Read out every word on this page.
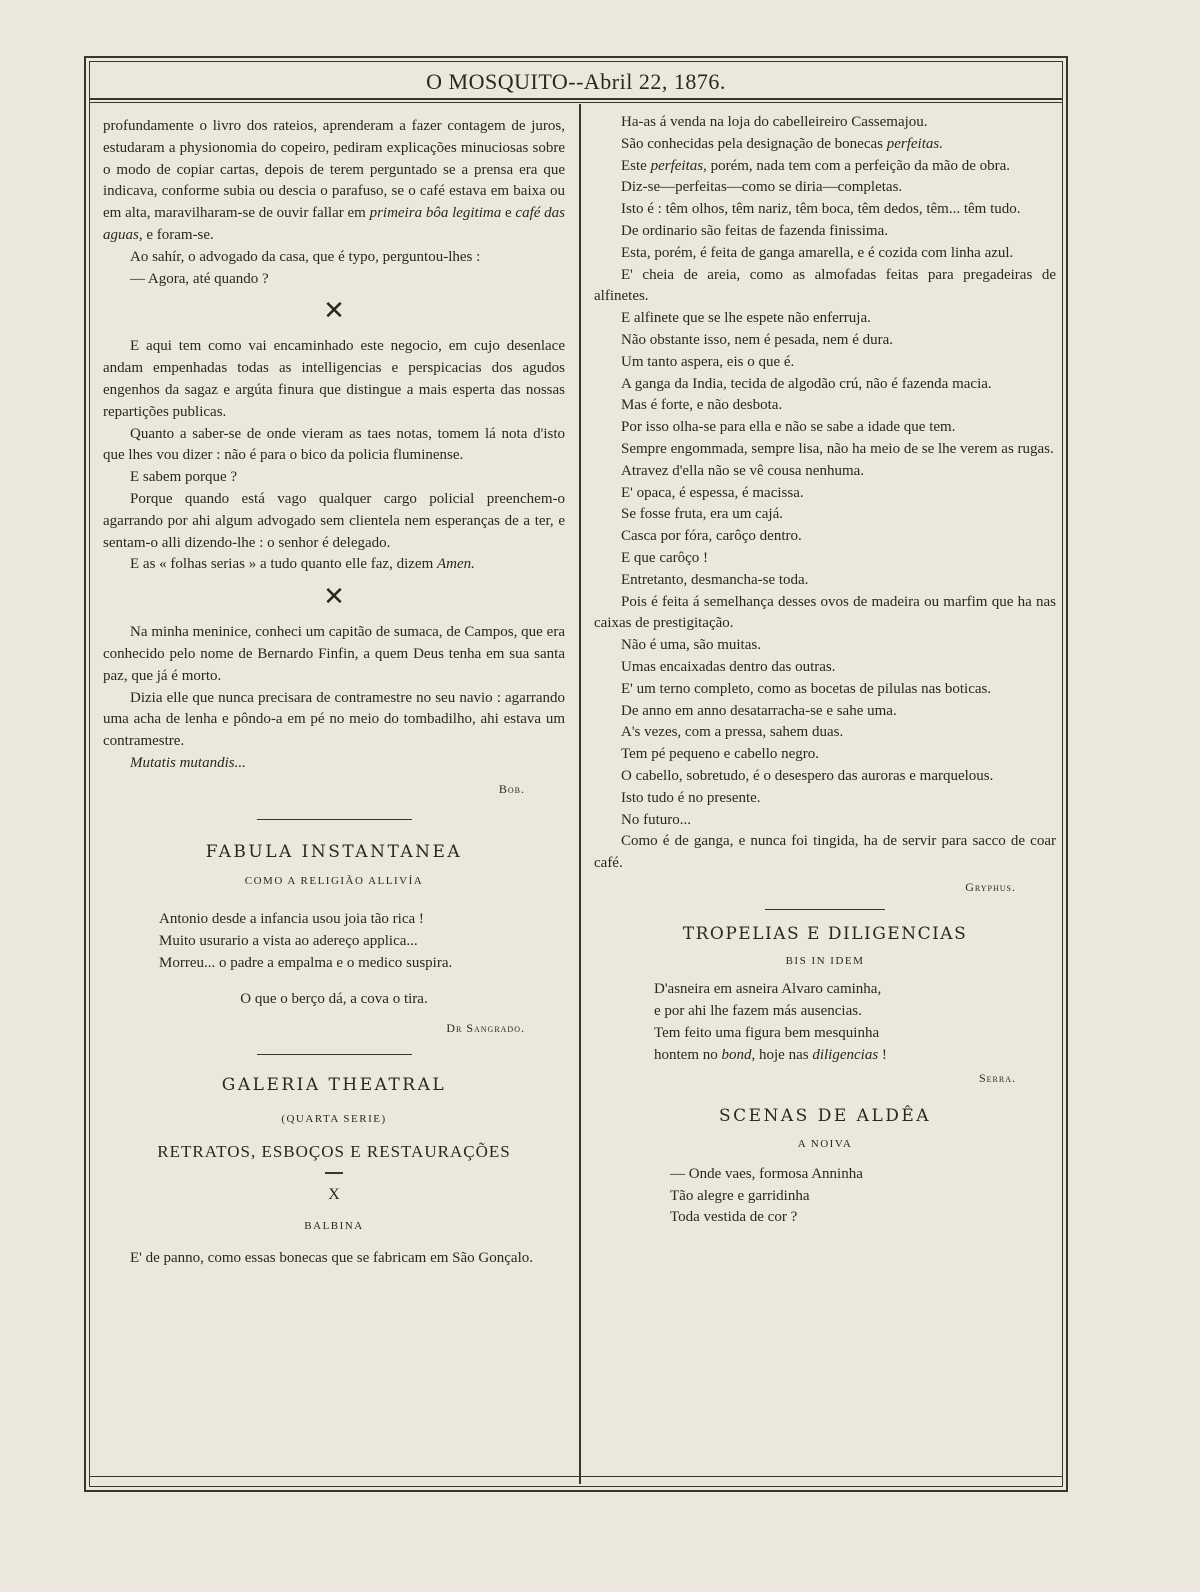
O MOSQUITO--Abril 22, 1876.

profundamente o livro dos rateios, aprenderam a fazer contagem de juros, estudaram a physionomia do copeiro, pediram explicações minuciosas sobre o modo de copiar cartas, depois de terem perguntado se a prensa era que indicava, conforme subia ou descia o parafuso, se o café estava em baixa ou em alta, maravilharam-se de ouvir fallar em primeira bôa legitima e café das aguas, e foram-se.

Ao sahír, o advogado da casa, que é typo, perguntou-lhes :

— Agora, até quando ?

✕

E aqui tem como vai encaminhado este negocio, em cujo desenlace andam empenhadas todas as intelligencias e perspicacias dos agudos engenhos da sagaz e argúta finura que distingue a mais esperta das nossas repartições publicas.

Quanto a saber-se de onde vieram as taes notas, tomem lá nota d'isto que lhes vou dizer : não é para o bico da policia fluminense.

E sabem porque ?

Porque quando está vago qualquer cargo policial preenchem-o agarrando por ahi algum advogado sem clientela nem esperanças de a ter, e sentam-o alli dizendo-lhe : o senhor é delegado.

E as « folhas serias » a tudo quanto elle faz, dizem Amen.

✕

Na minha meninice, conheci um capitão de sumaca, de Campos, que era conhecido pelo nome de Bernardo Finfin, a quem Deus tenha em sua santa paz, que já é morto.

Dizia elle que nunca precisara de contramestre no seu navio : agarrando uma acha de lenha e pôndo-a em pé no meio do tombadilho, ahi estava um contramestre.

Mutatis mutandis...

Bob.
FABULA INSTANTANEA
COMO A RELIGIÃO ALLIVÍA

Antonio desde a infancia usou joia tão rica !

Muito usurario a vista ao adereço applica...

Morreu... o padre a empalma e o medico suspira.

O que o berço dá, a cova o tira.

Dr Sangrado.
GALERIA THEATRAL
(QUARTA SERIE)
RETRATOS, ESBOÇOS E RESTAURAÇÕES
X
BALBINA

E' de panno, como essas bonecas que se fabricam em São Gonçalo.

Ha-as á venda na loja do cabelleireiro Cassemajou.

São conhecidas pela designação de bonecas perfeitas.

Este perfeitas, porém, nada tem com a perfeição da mão de obra.

Diz-se—perfeitas—como se diria—completas.

Isto é : têm olhos, têm nariz, têm boca, têm dedos, têm... têm tudo.

De ordinario são feitas de fazenda finissima.

Esta, porém, é feita de ganga amarella, e é cozida com linha azul.

E' cheia de areia, como as almofadas feitas para pregadeiras de alfinetes.

E alfinete que se lhe espete não enferruja.

Não obstante isso, nem é pesada, nem é dura.

Um tanto aspera, eis o que é.

A ganga da India, tecida de algodão crú, não é fazenda macia.

Mas é forte, e não desbota.

Por isso olha-se para ella e não se sabe a idade que tem.

Sempre engommada, sempre lisa, não ha meio de se lhe verem as rugas.

Atravez d'ella não se vê cousa nenhuma.

E' opaca, é espessa, é macissa.

Se fosse fruta, era um cajá.

Casca por fóra, carôço dentro.

E que carôço !

Entretanto, desmancha-se toda.

Pois é feita á semelhança desses ovos de madeira ou marfim que ha nas caixas de prestigitação.

Não é uma, são muitas.

Umas encaixadas dentro das outras.

E' um terno completo, como as bocetas de pilulas nas boticas.

De anno em anno desatarracha-se e sahe uma.

A's vezes, com a pressa, sahem duas.

Tem pé pequeno e cabello negro.

O cabello, sobretudo, é o desespero das auroras e marquelous.

Isto tudo é no presente.

No futuro...

Como é de ganga, e nunca foi tingida, ha de servir para sacco de coar café.

Gryphus.
TROPELIAS E DILIGENCIAS
BIS IN IDEM

D'asneira em asneira Alvaro caminha,

e por ahi lhe fazem más ausencias.

Tem feito uma figura bem mesquinha

hontem no bond, hoje nas diligencias !

Serra.
SCENAS DE ALDÊA
A NOIVA

— Onde vaes, formosa Anninha

Tão alegre e garridinha

Toda vestida de cor ?
